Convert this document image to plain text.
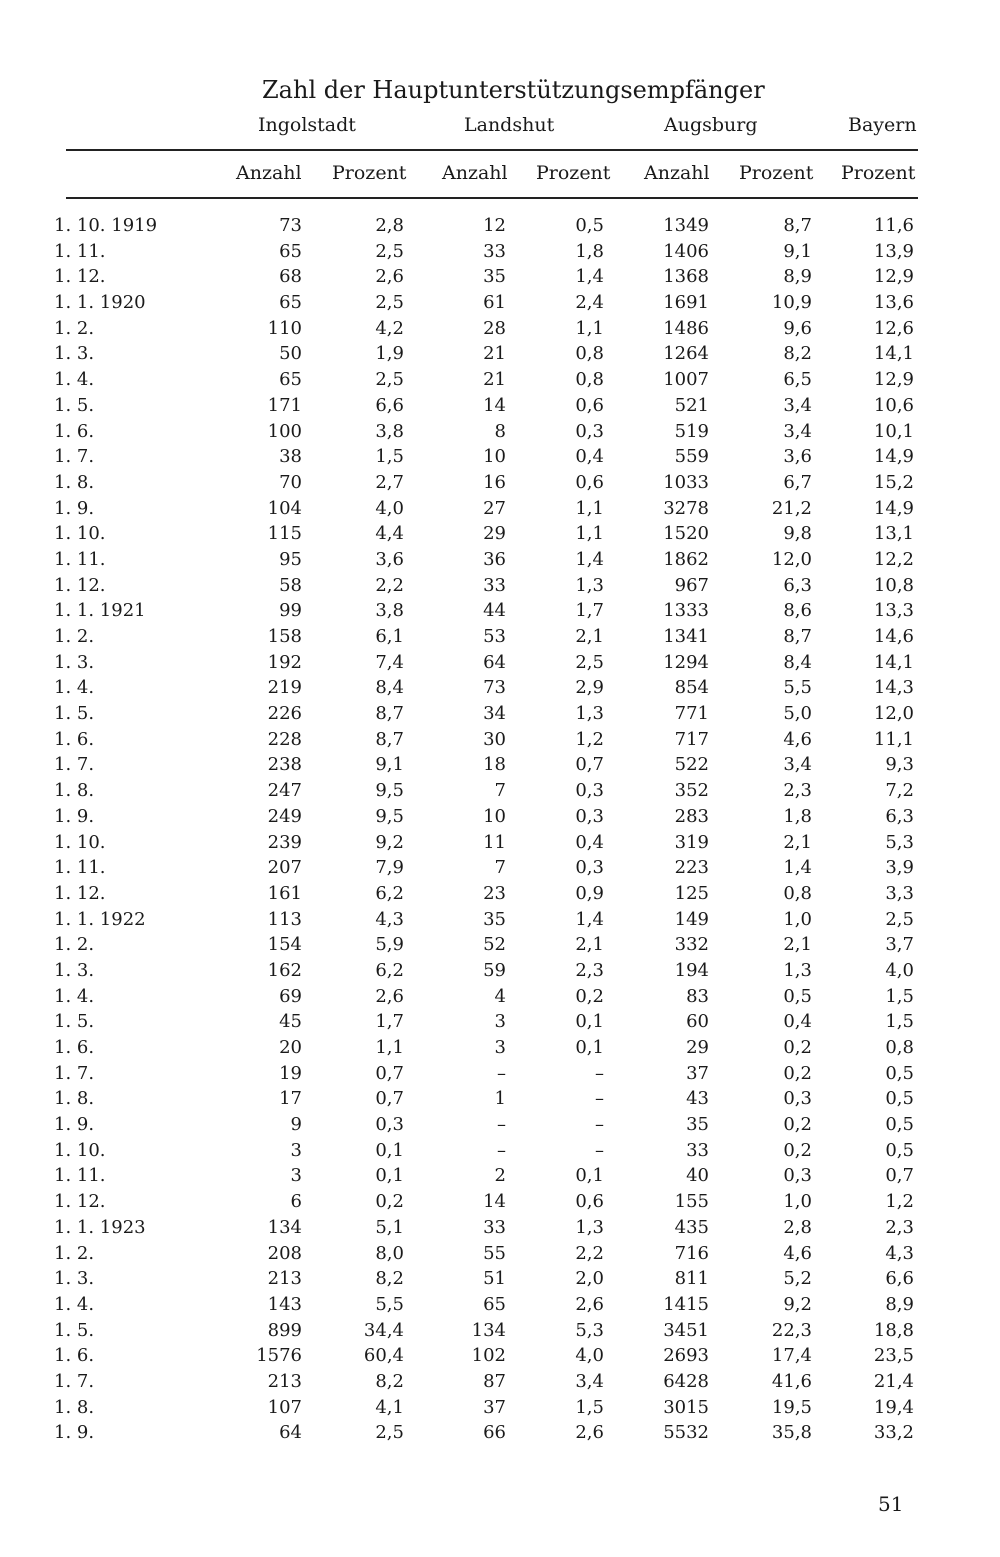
Zahl der Hauptunterstützungsempfänger
Ingolstadt	Landshut	Augsburg	Bayern
Anzahl Prozent Anzahl Prozent Anzahl Prozent Prozent
1. 10. 1919	73	2,8	12	0,5	1349	8,7	11,6
1. 11.	65	2,5	33	1,8	1406	9,1	13,9
1. 12.	68	2,6	35	1,4	1368	8,9	12,9
1. 1. 1920	65	2,5	61	2,4	1691	10,9	13,6
1. 2.	110	4,2	28	1,1	1486	9,6	12,6
1. 3.	50	1,9	21	0,8	1264	8,2	14,1
1. 4.	65	2,5	21	0,8	1007	6,5	12,9
1. 5.	171	6,6	14	0,6	521	3,4	10,6
1. 6.	100	3,8	8	0,3	519	3,4	10,1
1. 7.	38	1,5	10	0,4	559	3,6	14,9
1. 8.	70	2,7	16	0,6	1033	6,7	15,2
1. 9.	104	4,0	27	1,1	3278	21,2	14,9
1. 10.	115	4,4	29	1,1	1520	9,8	13,1
1. 11.	95	3,6	36	1,4	1862	12,0	12,2
1. 12.	58	2,2	33	1,3	967	6,3	10,8
1. 1. 1921	99	3,8	44	1,7	1333	8,6	13,3
1. 2.	158	6,1	53	2,1	1341	8,7	14,6
1. 3.	192	7,4	64	2,5	1294	8,4	14,1
1. 4.	219	8,4	73	2,9	854	5,5	14,3
1. 5.	226	8,7	34	1,3	771	5,0	12,0
1. 6.	228	8,7	30	1,2	717	4,6	11,1
1. 7.	238	9,1	18	0,7	522	3,4	9,3
1. 8.	247	9,5	7	0,3	352	2,3	7,2
1. 9.	249	9,5	10	0,3	283	1,8	6,3
1. 10.	239	9,2	11	0,4	319	2,1	5,3
1. 11.	207	7,9	7	0,3	223	1,4	3,9
1. 12.	161	6,2	23	0,9	125	0,8	3,3
1. 1. 1922	113	4,3	35	1,4	149	1,0	2,5
1. 2.	154	5,9	52	2,1	332	2,1	3,7
1. 3.	162	6,2	59	2,3	194	1,3	4,0
1. 4.	69	2,6	4	0,2	83	0,5	1,5
1. 5.	45	1,7	3	0,1	60	0,4	1,5
1. 6.	20	1,1	3	0,1	29	0,2	0,8
1. 7.	19	0,7	–	–	37	0,2	0,5
1. 8.	17	0,7	1	–	43	0,3	0,5
1. 9.	9	0,3	–	–	35	0,2	0,5
1. 10.	3	0,1	–	–	33	0,2	0,5
1. 11.	3	0,1	2	0,1	40	0,3	0,7
1. 12.	6	0,2	14	0,6	155	1,0	1,2
1. 1. 1923	134	5,1	33	1,3	435	2,8	2,3
1. 2.	208	8,0	55	2,2	716	4,6	4,3
1. 3.	213	8,2	51	2,0	811	5,2	6,6
1. 4.	143	5,5	65	2,6	1415	9,2	8,9
1. 5.	899	34,4	134	5,3	3451	22,3	18,8
1. 6.	1576	60,4	102	4,0	2693	17,4	23,5
1. 7.	213	8,2	87	3,4	6428	41,6	21,4
1. 8.	107	4,1	37	1,5	3015	19,5	19,4
1. 9.	64	2,5	66	2,6	5532	35,8	33,2
51
